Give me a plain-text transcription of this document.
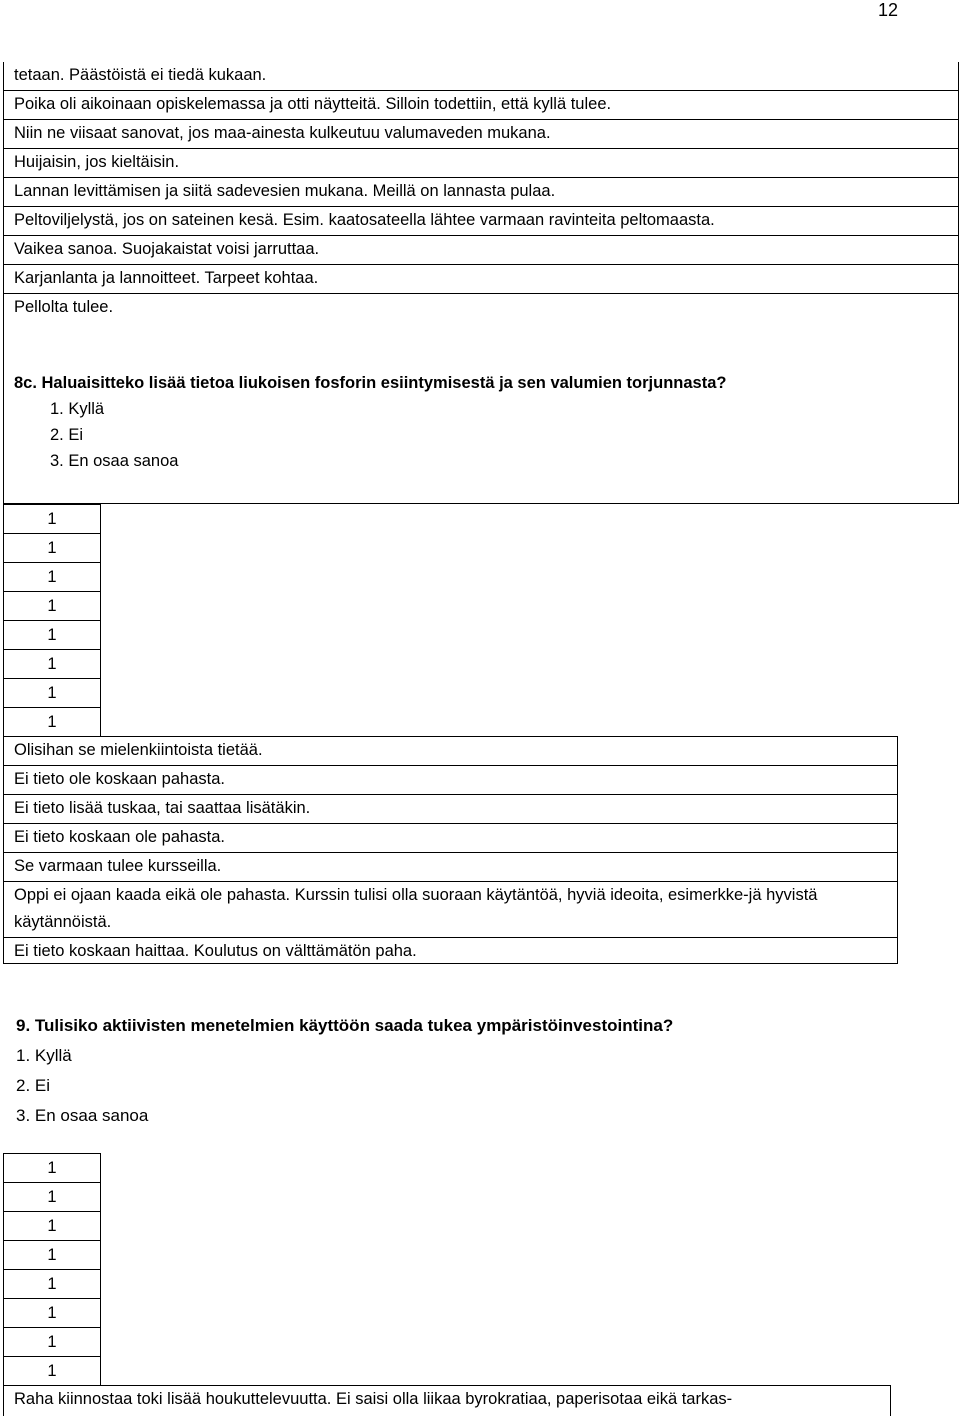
12
tetaan. Päästöistä ei tiedä kukaan.
Poika oli aikoinaan opiskelemassa ja otti näytteitä. Silloin todettiin, että kyllä tulee.
Niin ne viisaat sanovat, jos maa-ainesta kulkeutuu valumaveden mukana.
Huijaisin, jos kieltäisin.
Lannan levittämisen ja siitä sadevesien mukana. Meillä on lannasta pulaa.
Peltoviljelystä, jos on sateinen kesä. Esim. kaatosateella lähtee varmaan ravinteita peltomaasta.
Vaikea sanoa. Suojakaistat voisi jarruttaa.
Karjanlanta ja lannoitteet. Tarpeet kohtaa.
Pellolta tulee.
8c. Haluaisitteko lisää tietoa liukoisen fosforin esiintymisestä ja sen valumien torjunnasta?
1. Kyllä
2. Ei
3. En osaa sanoa
1
1
1
1
1
1
1
1
Olisihan se mielenkiintoista tietää.
Ei tieto ole koskaan pahasta.
Ei tieto lisää tuskaa, tai saattaa lisätäkin.
Ei tieto koskaan ole pahasta.
Se varmaan tulee kursseilla.
Oppi ei ojaan kaada eikä ole pahasta. Kurssin tulisi olla suoraan käytäntöä, hyviä ideoita, esimerkke-jä hyvistä käytännöistä.
Ei tieto koskaan haittaa. Koulutus on välttämätön paha.
9. Tulisiko aktiivisten menetelmien käyttöön saada tukea ympäristöinvestointina?
1. Kyllä
2. Ei
3. En osaa sanoa
1
1
1
1
1
1
1
1
Raha kiinnostaa toki lisää houkuttelevuutta. Ei saisi olla liikaa byrokratiaa, paperisotaa eikä tarkas-
